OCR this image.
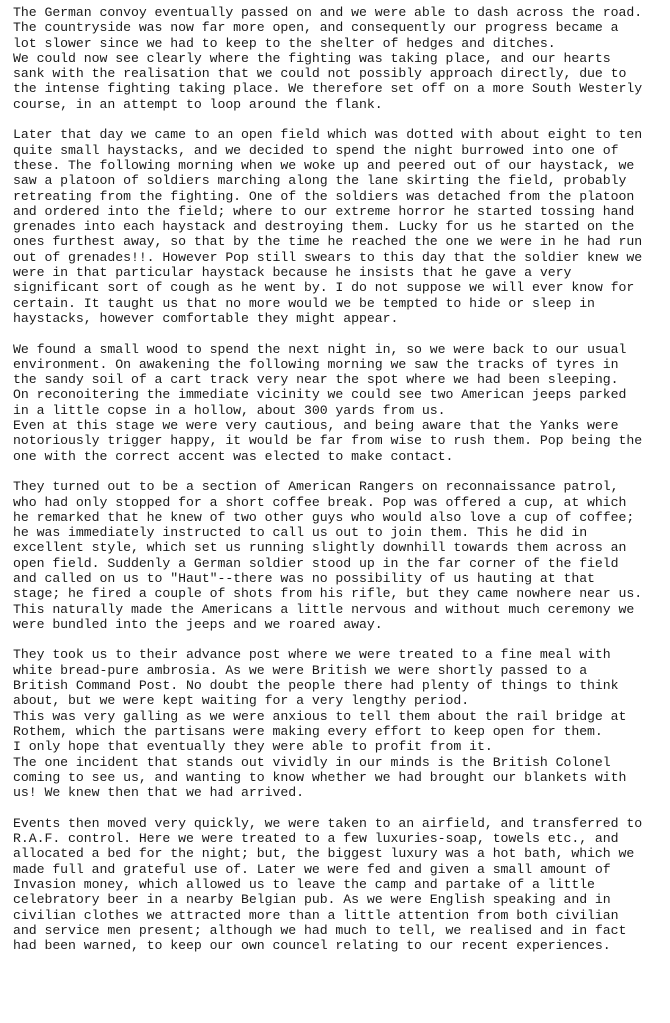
The German convoy eventually passed on and we were able to dash across the road.
The countryside was now far more open, and consequently our progress became a
lot slower since we had to keep to the shelter of hedges and ditches.
We could now see clearly where the fighting was taking place, and our hearts
sank with the realisation that we could not possibly approach directly, due to
the intense fighting taking place. We therefore set off on a more South Westerly
course, in an attempt to loop around the flank.
Later that day we came to an open field which was dotted with about eight to ten
quite small haystacks, and we decided to spend the night burrowed into one of
these. The following morning when we woke up and peered out of our haystack, we
saw a platoon of soldiers marching along the lane skirting the field, probably
retreating from the fighting. One of the soldiers was detached from the platoon
and ordered into the field; where to our extreme horror he started tossing hand
grenades into each haystack and destroying them. Lucky for us he started on the
ones furthest away, so that by the time he reached the one we were in he had run
out of grenades!!. However Pop still swears to this day that the soldier knew we
were in that particular haystack because he insists that he gave a very
significant sort of cough as he went by. I do not suppose we will ever know for
certain. It taught us that no more would we be tempted to hide or sleep in
haystacks, however comfortable they might appear.
We found a small wood to spend the next night in, so we were back to our usual
environment. On awakening the following morning we saw the tracks of tyres in
the sandy soil of a cart track very near the spot where we had been sleeping.
On reconoitering the immediate vicinity we could see two American jeeps parked
in a little copse in a hollow, about 300 yards from us.
Even at this stage we were very cautious, and being aware that the Yanks were
notoriously trigger happy, it would be far from wise to rush them. Pop being the
one with the correct accent was elected to make contact.
They turned out to be a section of American Rangers on reconnaissance patrol,
who had only stopped for a short coffee break. Pop was offered a cup, at which
he remarked that he knew of two other guys who would also love a cup of coffee;
he was immediately instructed to call us out to join them. This he did in
excellent style, which set us running slightly downhill towards them across an
open field. Suddenly a German soldier stood up in the far corner of the field
and called on us to "Haut"--there was no possibility of us hauting at that
stage; he fired a couple of shots from his rifle, but they came nowhere near us.
This naturally made the Americans a little nervous and without much ceremony we
were bundled into the jeeps and we roared away.
They took us to their advance post where we were treated to a fine meal with
white bread-pure ambrosia. As we were British we were shortly passed to a
British Command Post. No doubt the people there had plenty of things to think
about, but we were kept waiting for a very lengthy period.
This was very galling as we were anxious to tell them about the rail bridge at
Rothem, which the partisans were making every effort to keep open for them.
I only hope that eventually they were able to profit from it.
The one incident that stands out vividly in our minds is the British Colonel
coming to see us, and wanting to know whether we had brought our blankets with
us! We knew then that we had arrived.
Events then moved very quickly, we were taken to an airfield, and transferred to
R.A.F. control. Here we were treated to a few luxuries-soap, towels etc., and
allocated a bed for the night; but, the biggest luxury was a hot bath, which we
made full and grateful use of. Later we were fed and given a small amount of
Invasion money, which allowed us to leave the camp and partake of a little
celebratory beer in a nearby Belgian pub. As we were English speaking and in
civilian clothes we attracted more than a little attention from both civilian
and service men present; although we had much to tell, we realised and in fact
had been warned, to keep our own councel relating to our recent experiences.
